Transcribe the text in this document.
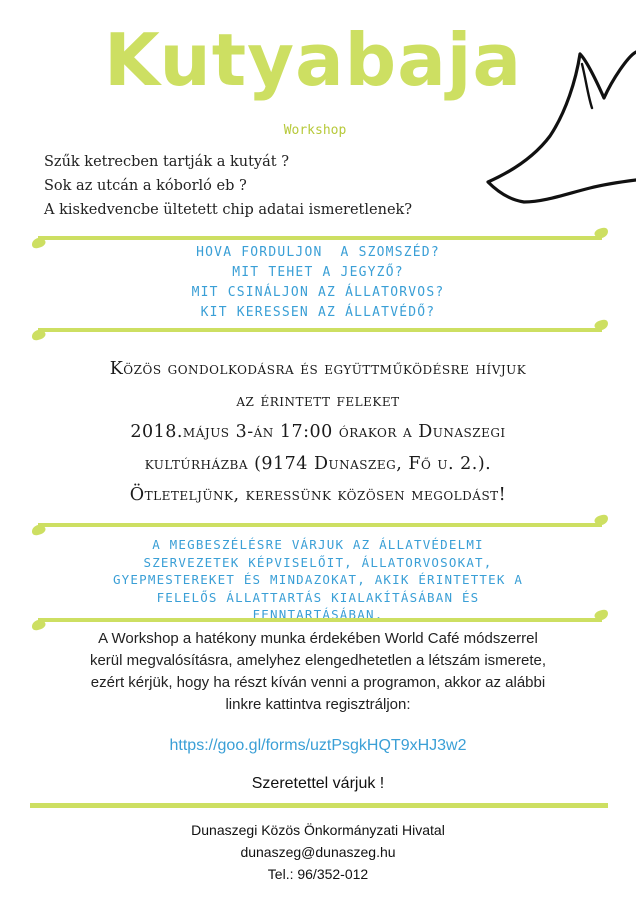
Kutyabaja
Workshop
Szűk ketrecben tartják a kutyát ?
Sok az utcán a kóborló eb ?
A kiskedvencbe ültetett chip adatai ismeretlenek?
HOVA FORDULJON  A SZOMSZÉD?
MIT TEHET A JEGYZŐ?
MIT CSINÁLJON AZ ÁLLATORVOS?
KIT KERESSEN AZ ÁLLATVÉDŐ?
Közös gondolkodásra és együttműködésre hívjuk
az érintett feleket
2018.május 3-án 17:00 órakor a Dunaszegi
kultúrházba (9174 Dunaszeg, Fő u. 2.).
Ötleteljünk, keressünk közösen megoldást!
A MEGBESZÉLÉSRE VÁRJUK AZ ÁLLATVÉDELMI
SZERVEZETEK KÉPVISELŐIT, ÁLLATORVOSOKAT,
GYEPMESTEREKET ÉS MINDAZOKAT, AKIK ÉRINTETTEK A
FELELŐS ÁLLATTARTÁS KIALAKÍTÁSÁBAN ÉS
FENNTARTÁSÁBAN.
A Workshop a hatékony munka érdekében World Café módszerrel
kerül megvalósításra, amelyhez elengedhetetlen a létszám ismerete,
ezért kérjük, hogy ha részt kíván venni a programon, akkor az alábbi
linkre kattintva regisztráljon:
https://goo.gl/forms/uztPsgkHQT9xHJ3w2
Szeretettel várjuk !
Dunaszegi Közös Önkormányzati Hivatal
dunaszeg@dunaszeg.hu
Tel.: 96/352-012
